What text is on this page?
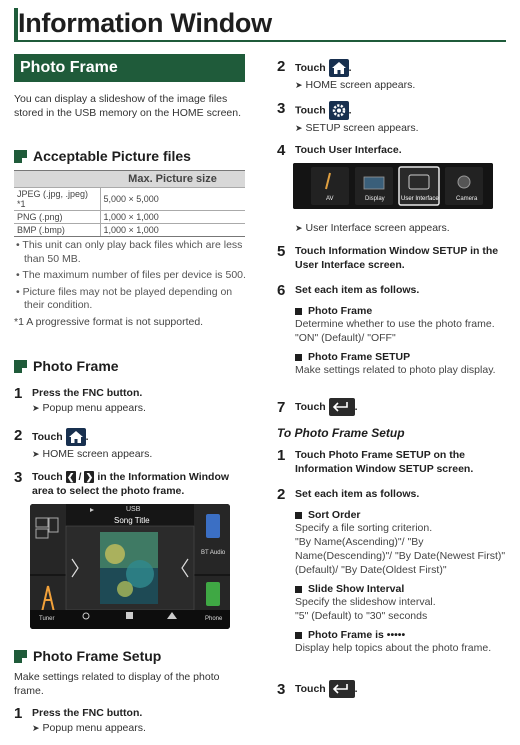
Information Window
Photo Frame
You can display a slideshow of the image files stored in the USB memory on the HOME screen.
Acceptable Picture files
	Max. Picture size
JPEG (.jpg, .jpeg) *1	5,000 × 5,000
PNG (.png)	1,000 × 1,000
BMP (.bmp)	1,000 × 1,000
• This unit can only play back files which are less than 50 MB.
• The maximum number of files per device is 500.
• Picture files may not be played depending on their condition.
*1 A progressive format is not supported.
Photo Frame
1 Press the FNC button.
➤ Popup menu appears.
2 Touch
.
➤ HOME screen appears.
3 Touch ❮ / ❯ in the Information Window area to select the photo frame.
USB
Song Title
BT Audio
Tuner	Phone
Photo Frame Setup
Make settings related to display of the photo frame.
1 Press the FNC button.
➤ Popup menu appears.
2 Touch
.
➤ HOME screen appears.
3 Touch
.
➤ SETUP screen appears.
4 Touch User Interface.
AV	Display	User Interface	Camera
➤ User Interface screen appears.
5 Touch Information Window SETUP in the User Interface screen.
6 Set each item as follows.
Photo Frame
Determine whether to use the photo frame.
"ON" (Default)/ "OFF"
Photo Frame SETUP
Make settings related to photo play display.
7 Touch
.
To Photo Frame Setup
1 Touch Photo Frame SETUP on the Information Window SETUP screen.
2 Set each item as follows.
Sort Order
Specify a file sorting criterion.
"By Name(Ascending)"/ "By Name(Descending)"/ "By Date(Newest First)" (Default)/ "By Date(Oldest First)"
Slide Show Interval
Specify the slideshow interval.
"5" (Default) to "30" seconds
Photo Frame is •••••
Display help topics about the photo frame.
3 Touch
.
